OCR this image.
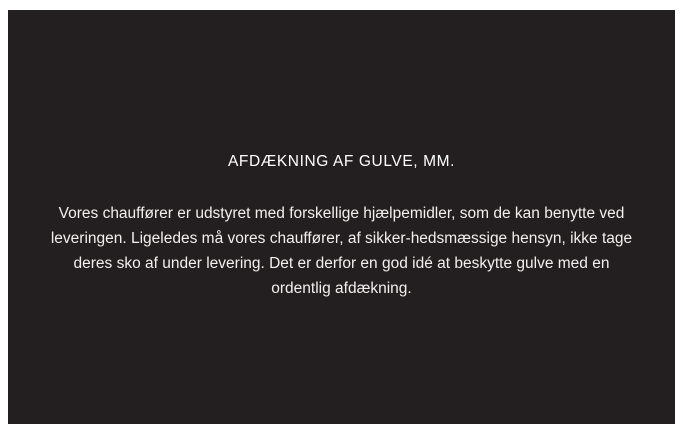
AFDÆKNING AF GULVE, MM.

Vores chauffører er udstyret med forskellige hjælpemidler, som de kan benytte ved leveringen. Ligeledes må vores chauffører, af sikker-hedsmæssige hensyn, ikke tage deres sko af under levering. Det er derfor en god idé at beskytte gulve med en ordentlig afdækning.
